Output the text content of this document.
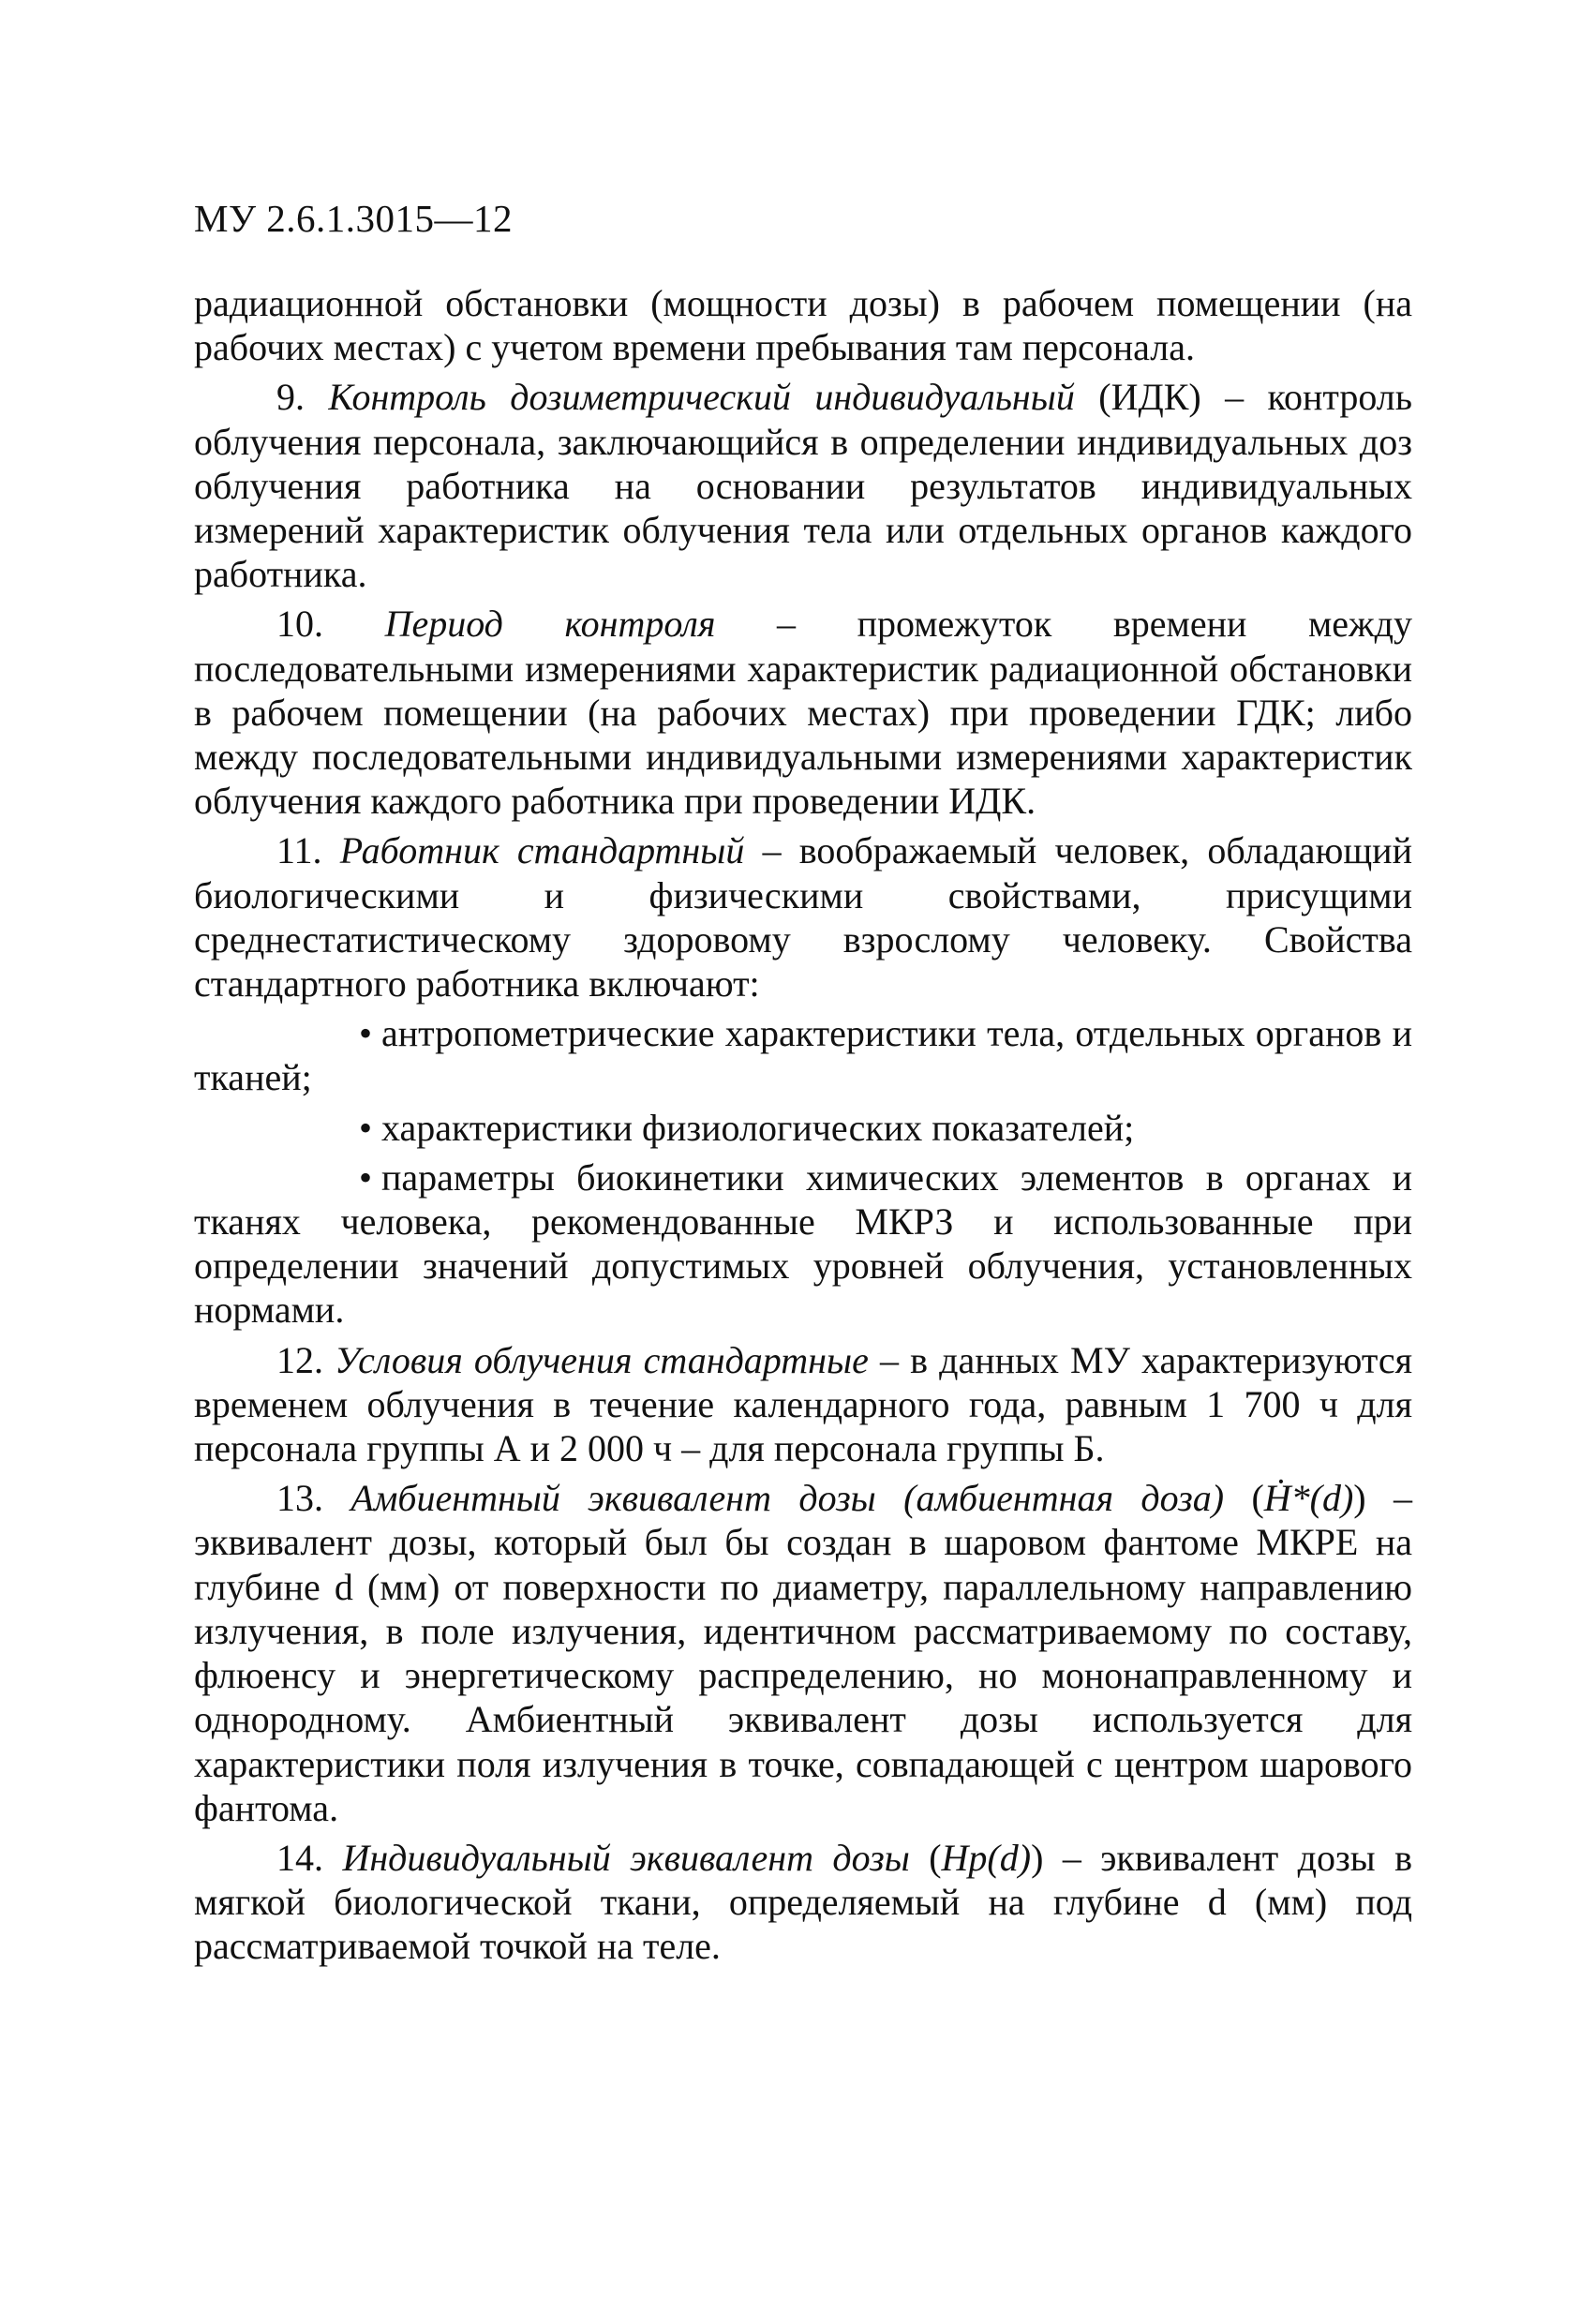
МУ 2.6.1.3015—12

радиационной обстановки (мощности дозы) в рабочем помещении (на рабочих местах) с учетом времени пребывания там персонала.

9. Контроль дозиметрический индивидуальный (ИДК) – контроль облучения персонала, заключающийся в определении индивидуальных доз облучения работника на основании результатов индивидуальных измерений характеристик облучения тела или отдельных органов каждого работника.

10. Период контроля – промежуток времени между последовательными измерениями характеристик радиационной обстановки в рабочем помещении (на рабочих местах) при проведении ГДК; либо между последовательными индивидуальными измерениями характеристик облучения каждого работника при проведении ИДК.

11. Работник стандартный – воображаемый человек, обладающий биологическими и физическими свойствами, присущими среднестатистическому здоровому взрослому человеку. Свойства стандартного работника включают:

• антропометрические характеристики тела, отдельных органов и тканей;

• характеристики физиологических показателей;

• параметры биокинетики химических элементов в органах и тканях человека, рекомендованные МКРЗ и использованные при определении значений допустимых уровней облучения, установленных нормами.

12. Условия облучения стандартные – в данных МУ характеризуются временем облучения в течение календарного года, равным 1 700 ч для персонала группы А и 2 000 ч – для персонала группы Б.

13. Амбиентный эквивалент дозы (амбиентная доза) (Ḣ*(d)) – эквивалент дозы, который был бы создан в шаровом фантоме МКРЕ на глубине d (мм) от поверхности по диаметру, параллельному направлению излучения, в поле излучения, идентичном рассматриваемому по составу, флюенсу и энергетическому распределению, но мононаправленному и однородному. Амбиентный эквивалент дозы используется для характеристики поля излучения в точке, совпадающей с центром шарового фантома.

14. Индивидуальный эквивалент дозы (Hp(d)) – эквивалент дозы в мягкой биологической ткани, определяемый на глубине d (мм) под рассматриваемой точкой на теле.
